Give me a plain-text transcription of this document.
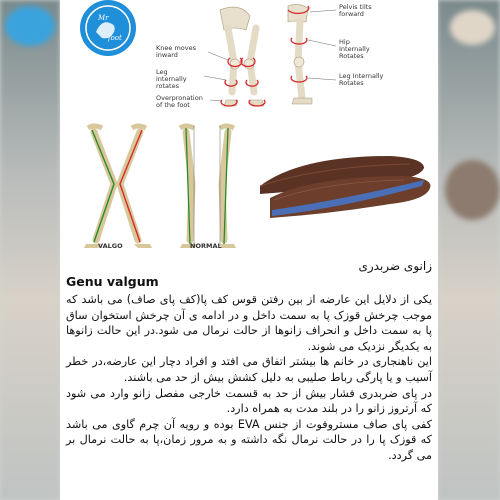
Mr
foot
Knee moves inward
Leg internally rotates
Overpronation of the foot
Pelvis tilts forward
Hip Internally Rotates
Leg Internally Rotates
VALGO	NORMAL

زانوی ضربدری

Genu valgum

یکی از دلایل این عارضه از بین رفتن قوس کف پا(کف پای صاف) می باشد که موجب چرخش قوزک پا به سمت داخل و در ادامه ی آن چرخش استخوان ساق پا به سمت داخل و انحراف زانوها از حالت نرمال می شود.در این حالت زانوها به یکدیگر نزدیک می شوند.

این ناهنجاری در خانم ها بیشتر اتفاق می افتد و افراد دچار این عارضه،در خطر آسیب و یا پارگی رباط صلیبی به دلیل کشش بیش از حد می باشند.

در پای ضربدری فشار بیش از حد به قسمت خارجی مفصل زانو وارد می شود که آرتروز زانو را در بلند مدت به همراه دارد.

کفی پای صاف مستروفوت از جنس EVA بوده و رویه آن چرم گاوی می باشد که قوزک پا را در حالت نرمال نگه داشته و به مرور زمان،پا به حالت نرمال بر می گردد.
